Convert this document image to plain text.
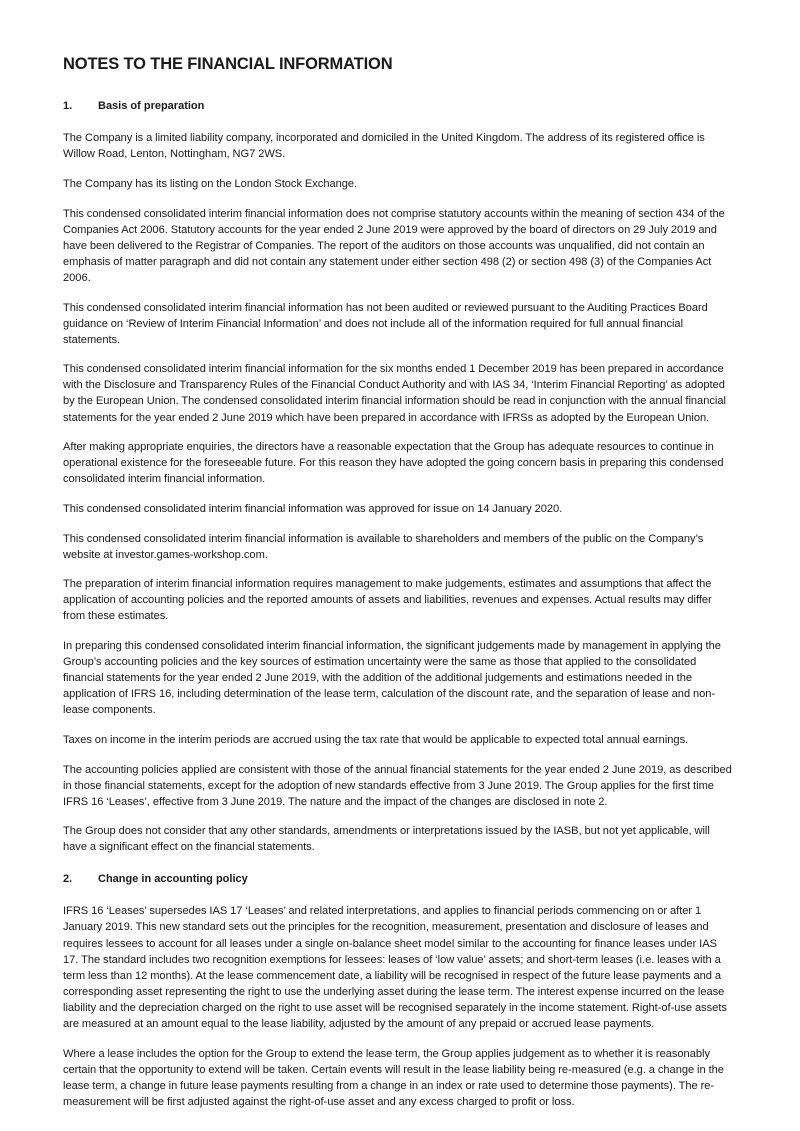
NOTES TO THE FINANCIAL INFORMATION
1. Basis of preparation

The Company is a limited liability company, incorporated and domiciled in the United Kingdom. The address of its registered office is Willow Road, Lenton, Nottingham, NG7 2WS.

The Company has its listing on the London Stock Exchange.

This condensed consolidated interim financial information does not comprise statutory accounts within the meaning of section 434 of the Companies Act 2006. Statutory accounts for the year ended 2 June 2019 were approved by the board of directors on 29 July 2019 and have been delivered to the Registrar of Companies. The report of the auditors on those accounts was unqualified, did not contain an emphasis of matter paragraph and did not contain any statement under either section 498 (2) or section 498 (3) of the Companies Act 2006.

This condensed consolidated interim financial information has not been audited or reviewed pursuant to the Auditing Practices Board guidance on ‘Review of Interim Financial Information’ and does not include all of the information required for full annual financial statements.

This condensed consolidated interim financial information for the six months ended 1 December 2019 has been prepared in accordance with the Disclosure and Transparency Rules of the Financial Conduct Authority and with IAS 34, ‘Interim Financial Reporting’ as adopted by the European Union. The condensed consolidated interim financial information should be read in conjunction with the annual financial statements for the year ended 2 June 2019 which have been prepared in accordance with IFRSs as adopted by the European Union.

After making appropriate enquiries, the directors have a reasonable expectation that the Group has adequate resources to continue in operational existence for the foreseeable future. For this reason they have adopted the going concern basis in preparing this condensed consolidated interim financial information.

This condensed consolidated interim financial information was approved for issue on 14 January 2020.

This condensed consolidated interim financial information is available to shareholders and members of the public on the Company’s website at investor.games-workshop.com.

The preparation of interim financial information requires management to make judgements, estimates and assumptions that affect the application of accounting policies and the reported amounts of assets and liabilities, revenues and expenses. Actual results may differ from these estimates.

In preparing this condensed consolidated interim financial information, the significant judgements made by management in applying the Group’s accounting policies and the key sources of estimation uncertainty were the same as those that applied to the consolidated financial statements for the year ended 2 June 2019, with the addition of the additional judgements and estimations needed in the application of IFRS 16, including determination of the lease term, calculation of the discount rate, and the separation of lease and non-lease components.

Taxes on income in the interim periods are accrued using the tax rate that would be applicable to expected total annual earnings.

The accounting policies applied are consistent with those of the annual financial statements for the year ended 2 June 2019, as described in those financial statements, except for the adoption of new standards effective from 3 June 2019. The Group applies for the first time IFRS 16 ‘Leases’, effective from 3 June 2019. The nature and the impact of the changes are disclosed in note 2.

The Group does not consider that any other standards, amendments or interpretations issued by the IASB, but not yet applicable, will have a significant effect on the financial statements.

2. Change in accounting policy

IFRS 16 ‘Leases’ supersedes IAS 17 ‘Leases’ and related interpretations, and applies to financial periods commencing on or after 1 January 2019. This new standard sets out the principles for the recognition, measurement, presentation and disclosure of leases and requires lessees to account for all leases under a single on-balance sheet model similar to the accounting for finance leases under IAS 17. The standard includes two recognition exemptions for lessees: leases of ‘low value’ assets; and short-term leases (i.e. leases with a term less than 12 months). At the lease commencement date, a liability will be recognised in respect of the future lease payments and a corresponding asset representing the right to use the underlying asset during the lease term. The interest expense incurred on the lease liability and the depreciation charged on the right to use asset will be recognised separately in the income statement. Right-of-use assets are measured at an amount equal to the lease liability, adjusted by the amount of any prepaid or accrued lease payments.

Where a lease includes the option for the Group to extend the lease term, the Group applies judgement as to whether it is reasonably certain that the opportunity to extend will be taken. Certain events will result in the lease liability being re-measured (e.g. a change in the lease term, a change in future lease payments resulting from a change in an index or rate used to determine those payments). The re-measurement will be first adjusted against the right-of-use asset and any excess charged to profit or loss.
